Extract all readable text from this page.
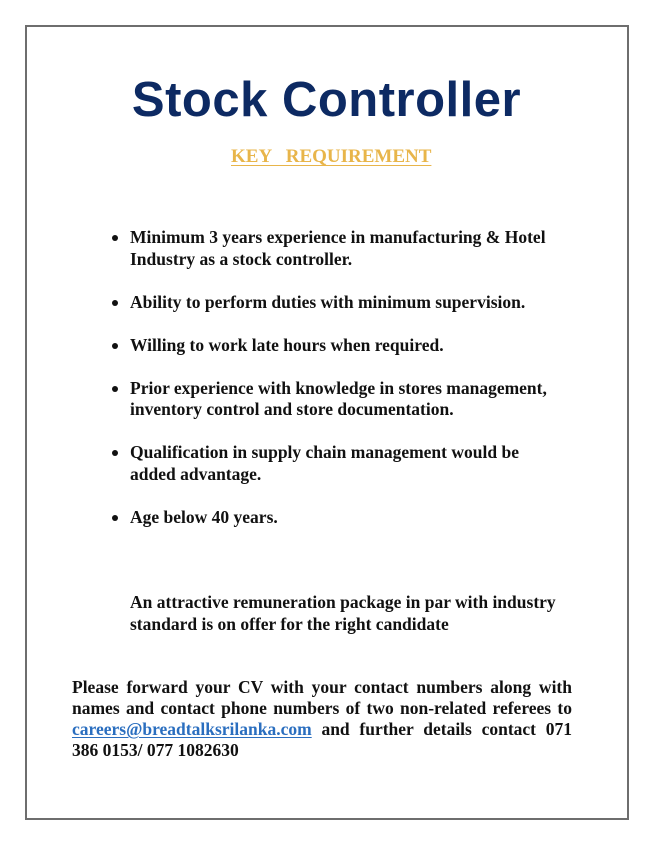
Stock Controller
KEY   REQUIREMENT
Minimum 3 years experience in manufacturing & Hotel Industry as a stock controller.
Ability to perform duties with minimum supervision.
Willing to work late hours when required.
Prior experience with knowledge in stores management, inventory control and store documentation.
Qualification in supply chain management would be added advantage.
Age below 40 years.
An attractive remuneration package in par with industry standard is on offer for the right candidate
Please forward your CV with your contact numbers along with names and contact phone numbers of two non-related referees to careers@breadtalksrilanka.com and further details contact 071 386 0153/ 077 1082630
